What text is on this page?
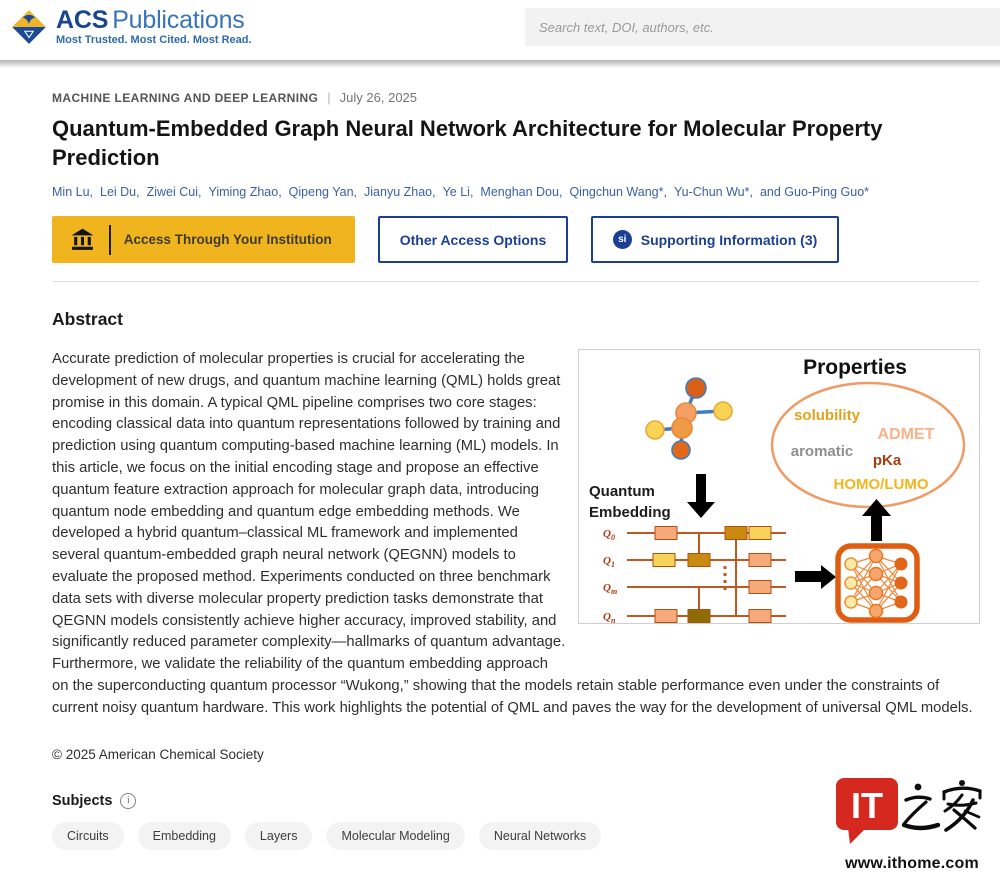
ACS Publications
Most Trusted. Most Cited. Most Read.
Search text, DOI, authors, etc.
MACHINE LEARNING AND DEEP LEARNING | July 26, 2025
Quantum-Embedded Graph Neural Network Architecture for Molecular Property Prediction
Min Lu, Lei Du, Ziwei Cui, Yiming Zhao, Qipeng Yan, Jianyu Zhao, Ye Li, Menghan Dou, Qingchun Wang*, Yu-Chun Wu*, and Guo-Ping Guo*
Access Through Your Institution	Other Access Options	si	Supporting Information (3)
Abstract
Properties
Quantum
Embedding
solubility
ADMET
aromatic
pKa
HOMO/LUMO
$Q_0$
$Q_1$
$Q_m$
$Q_n$
Accurate prediction of molecular properties is crucial for accelerating the development of new drugs, and quantum machine learning (QML) holds great promise in this domain. A typical QML pipeline comprises two core stages: encoding classical data into quantum representations followed by training and prediction using quantum computing-based machine learning (ML) models. In this article, we focus on the initial encoding stage and propose an effective quantum feature extraction approach for molecular graph data, introducing quantum node embedding and quantum edge embedding methods. We developed a hybrid quantum–classical ML framework and implemented several quantum-embedded graph neural network (QEGNN) models to evaluate the proposed method. Experiments conducted on three benchmark data sets with diverse molecular property prediction tasks demonstrate that QEGNN models consistently achieve higher accuracy, improved stability, and significantly reduced parameter complexity—hallmarks of quantum advantage. Furthermore, we validate the reliability of the quantum embedding approach on the superconducting quantum processor “Wukong,” showing that the models retain stable performance even under the constraints of current noisy quantum hardware. This work highlights the potential of QML and paves the way for the development of universal QML models.
© 2025 American Chemical Society
Subjects	i
Circuits	Embedding	Layers	Molecular Modeling	Neural Networks
IT
www.ithome.com
